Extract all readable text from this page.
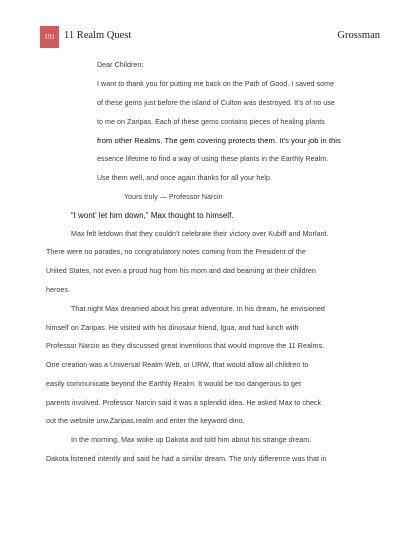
191 11 Realm Quest	Grossman
Dear Children:
I want to thank you for putting me back on the Path of Good. I saved some
of these gems just before the island of Culton was destroyed. It’s of no use
to me on Zaripas. Each of these gems contains pieces of healing plants
from other Realms. The gem covering protects them. It’s your job in this
essence lifetime to find a way of using these plants in the Earthly Realm.
Use them well, and once again thanks for all your help.
Yours truly — Professor Narcin
“I wont’ let him down,” Max thought to himself.
Max felt letdown that they couldn’t celebrate their victory over Kubiff and Morlant.
There were no parades, no congratulatory notes coming from the President of the
United States, not even a proud hug from his mom and dad beaming at their children
heroes.
That night Max dreamed about his great adventure. In his dream, he envisioned
himself on Zaripas. He visited with his dinosaur friend, Igua, and had lunch with
Professor Narcin as they discussed great inventions that would improve the 11 Realms.
One creation was a Universal Realm Web, or URW, that would allow all children to
easily communicate beyond the Earthly Realm. It would be too dangerous to get
parents involved. Professor Narcin said it was a splendid idea. He asked Max to check
out the website urw.Zaripas.realm and enter the keyword dino.
In the morning, Max woke up Dakota and told him about his strange dream.
Dakota listened intently and said he had a similar dream. The only difference was that in
